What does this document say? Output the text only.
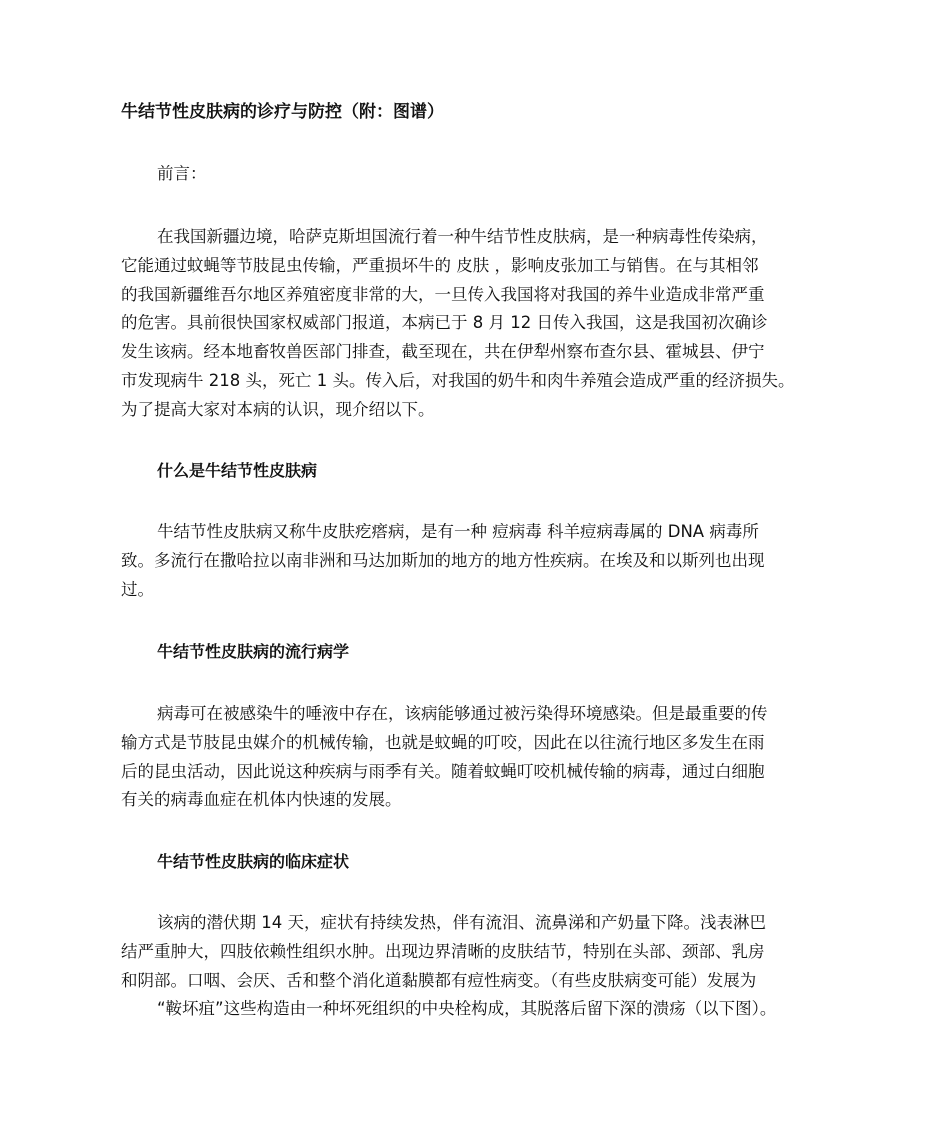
牛结节性皮肤病的诊疗与防控（附：图谱）

前言：

在我国新疆边境，哈萨克斯坦国流行着一种牛结节性皮肤病，是一种病毒性传染病，
它能通过蚊蝇等节肢昆虫传输，严重损坏牛的 皮肤 ，影响皮张加工与销售。在与其相邻
的我国新疆维吾尔地区养殖密度非常的大，一旦传入我国将对我国的养牛业造成非常严重
的危害。具前很快国家权威部门报道，本病已于 8 月 12 日传入我国，这是我国初次确诊
发生该病。经本地畜牧兽医部门排查，截至现在，共在伊犁州察布查尔县、霍城县、伊宁
市发现病牛 218 头，死亡 1 头。传入后，对我国的奶牛和肉牛养殖会造成严重的经济损失。
为了提高大家对本病的认识，现介绍以下。

什么是牛结节性皮肤病

牛结节性皮肤病又称牛皮肤疙瘩病，是有一种 痘病毒 科羊痘病毒属的 DNA 病毒所
致。多流行在撒哈拉以南非洲和马达加斯加的地方的地方性疾病。在埃及和以斯列也出现
过。

牛结节性皮肤病的流行病学

病毒可在被感染牛的唾液中存在，该病能够通过被污染得环境感染。但是最重要的传
输方式是节肢昆虫媒介的机械传输，也就是蚊蝇的叮咬，因此在以往流行地区多发生在雨
后的昆虫活动，因此说这种疾病与雨季有关。随着蚊蝇叮咬机械传输的病毒，通过白细胞
有关的病毒血症在机体内快速的发展。

牛结节性皮肤病的临床症状

该病的潜伏期 14 天，症状有持续发热，伴有流泪、流鼻涕和产奶量下降。浅表淋巴
结严重肿大，四肢依赖性组织水肿。出现边界清晰的皮肤结节，特别在头部、颈部、乳房
和阴部。口咽、会厌、舌和整个消化道黏膜都有痘性病变。（有些皮肤病变可能）发展为
“鞍坏疽”这些构造由一种坏死组织的中央栓构成，其脱落后留下深的溃疡（以下图）。
